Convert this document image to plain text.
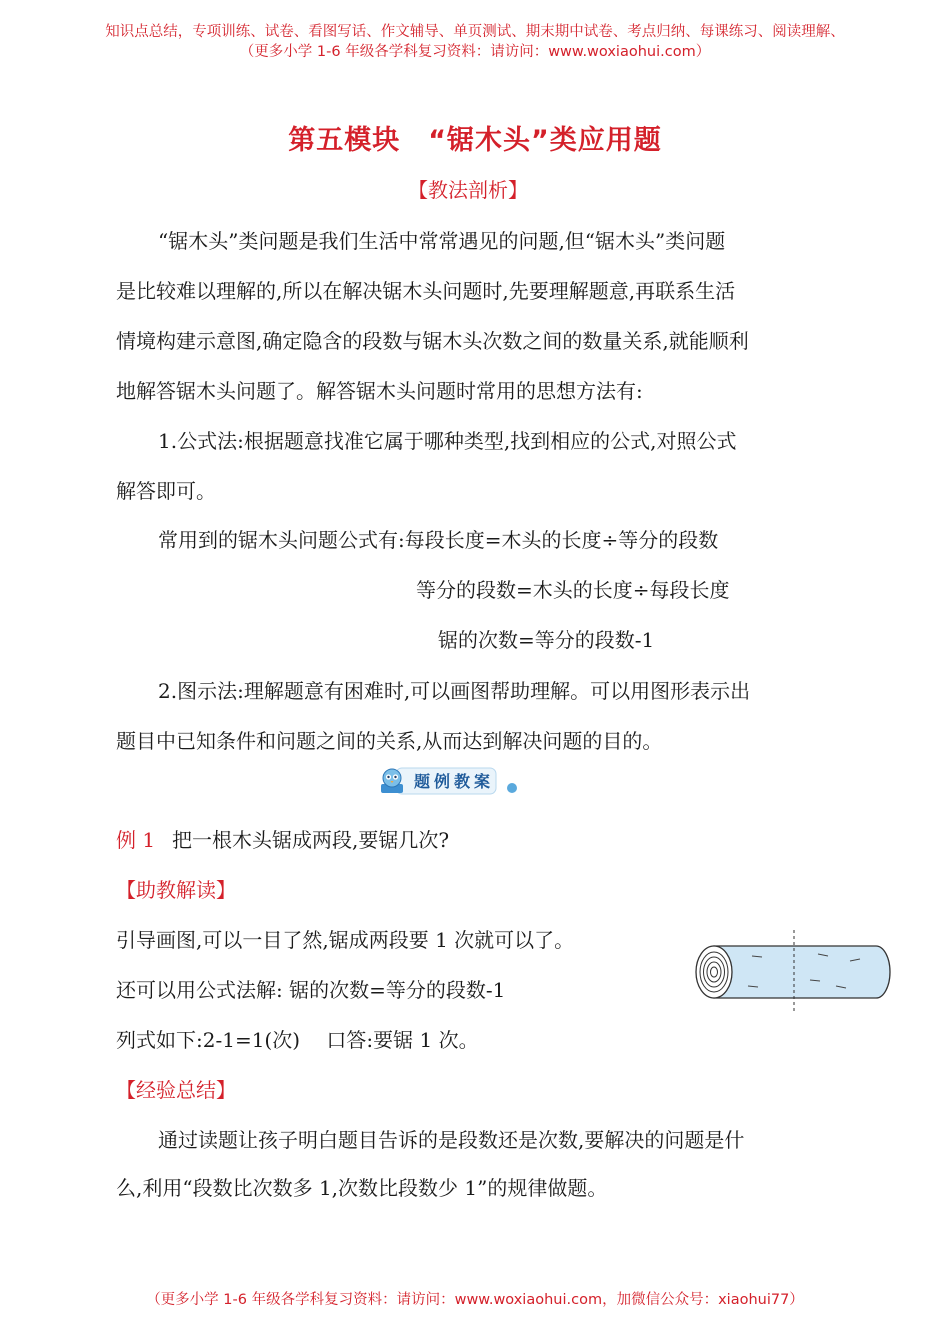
知识点总结，专项训练、试卷、看图写话、作文辅导、单页测试、期末期中试卷、考点归纳、每课练习、阅读理解、
（更多小学 1-6 年级各学科复习资料：请访问：www.woxiaohui.com）
第五模块　“锯木头”类应用题
【教法剖析】
“锯木头”类问题是我们生活中常常遇见的问题,但“锯木头”类问题
是比较难以理解的,所以在解决锯木头问题时,先要理解题意,再联系生活
情境构建示意图,确定隐含的段数与锯木头次数之间的数量关系,就能顺利
地解答锯木头问题了。解答锯木头问题时常用的思想方法有:
1.公式法:根据题意找准它属于哪种类型,找到相应的公式,对照公式
解答即可。
常用到的锯木头问题公式有:每段长度=木头的长度÷等分的段数
等分的段数=木头的长度÷每段长度
锯的次数=等分的段数-1
2.图示法:理解题意有困难时,可以画图帮助理解。可以用图形表示出
题目中已知条件和问题之间的关系,从而达到解决问题的目的。
题例教案
例 1 把一根木头锯成两段,要锯几次?
【助教解读】
引导画图,可以一目了然,锯成两段要 1 次就可以了。
还可以用公式法解: 锯的次数=等分的段数-1
列式如下:2-1=1(次)　 口答:要锯 1 次。
【经验总结】
通过读题让孩子明白题目告诉的是段数还是次数,要解决的问题是什
么,利用“段数比次数多 1,次数比段数少 1”的规律做题。
（更多小学 1-6 年级各学科复习资料：请访问：www.woxiaohui.com，加微信公众号：xiaohui77）
